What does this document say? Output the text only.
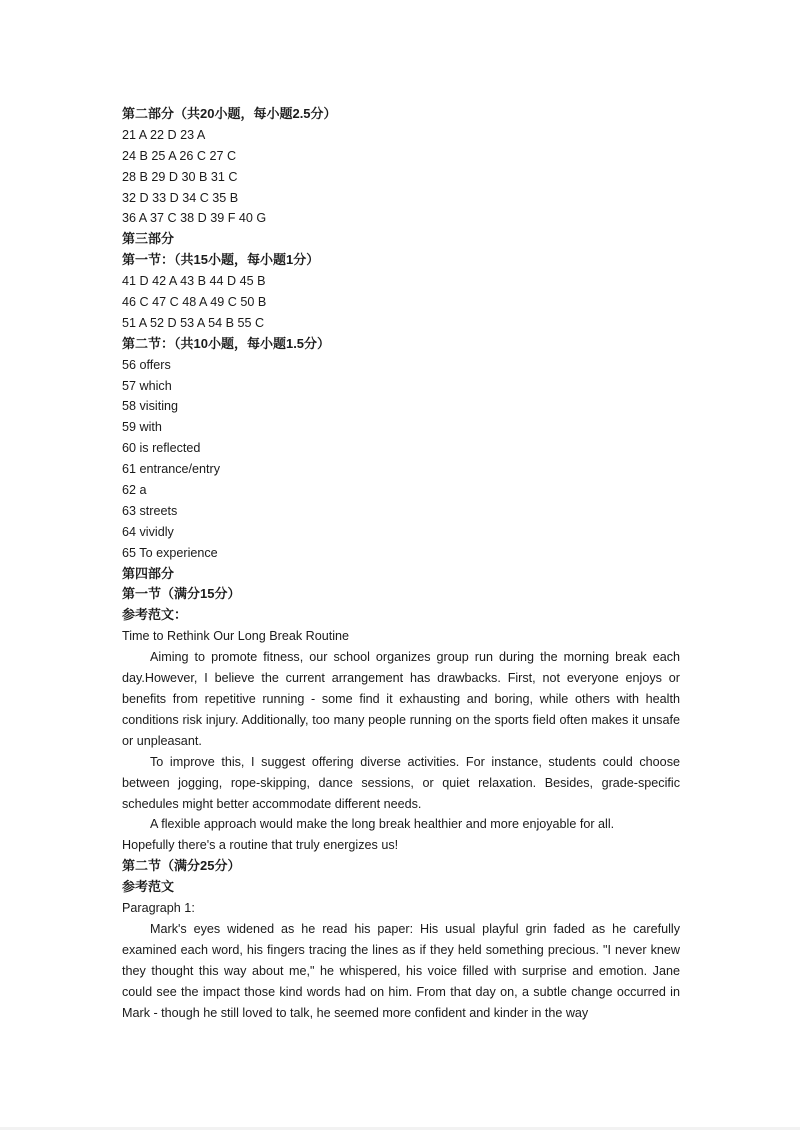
第二部分（共20小题，每小题2.5分）
21 A 22 D 23 A
24 B 25 A 26 C 27 C
28 B 29 D 30 B 31 C
32 D 33 D 34 C 35 B
36 A 37 C 38 D 39 F 40 G
第三部分
第一节：（共15小题，每小题1分）
41 D 42 A 43 B 44 D 45 B
46 C 47 C 48 A 49 C 50 B
51 A 52 D 53 A 54 B 55 C
第二节：（共10小题，每小题1.5分）
56 offers
57 which
58 visiting
59 with
60 is reflected
61 entrance/entry
62 a
63 streets
64 vividly
65 To experience
第四部分
第一节（满分15分）
参考范文：
Time to Rethink Our Long Break Routine
Aiming to promote fitness, our school organizes group run during the morning break each day.However, I believe the current arrangement has drawbacks. First, not everyone enjoys or benefits from repetitive running - some find it exhausting and boring, while others with health conditions risk injury. Additionally, too many people running on the sports field often makes it unsafe or unpleasant.
To improve this, I suggest offering diverse activities. For instance, students could choose between jogging, rope-skipping, dance sessions, or quiet relaxation. Besides, grade-specific schedules might better accommodate different needs.
A flexible approach would make the long break healthier and more enjoyable for all.
Hopefully there's a routine that truly energizes us!
第二节（满分25分）
参考范文
Paragraph 1:
Mark's eyes widened as he read his paper: His usual playful grin faded as he carefully examined each word, his fingers tracing the lines as if they held something precious. "I never knew they thought this way about me," he whispered, his voice filled with surprise and emotion. Jane could see the impact those kind words had on him. From that day on, a subtle change occurred in Mark - though he still loved to talk, he seemed more confident and kinder in the way
